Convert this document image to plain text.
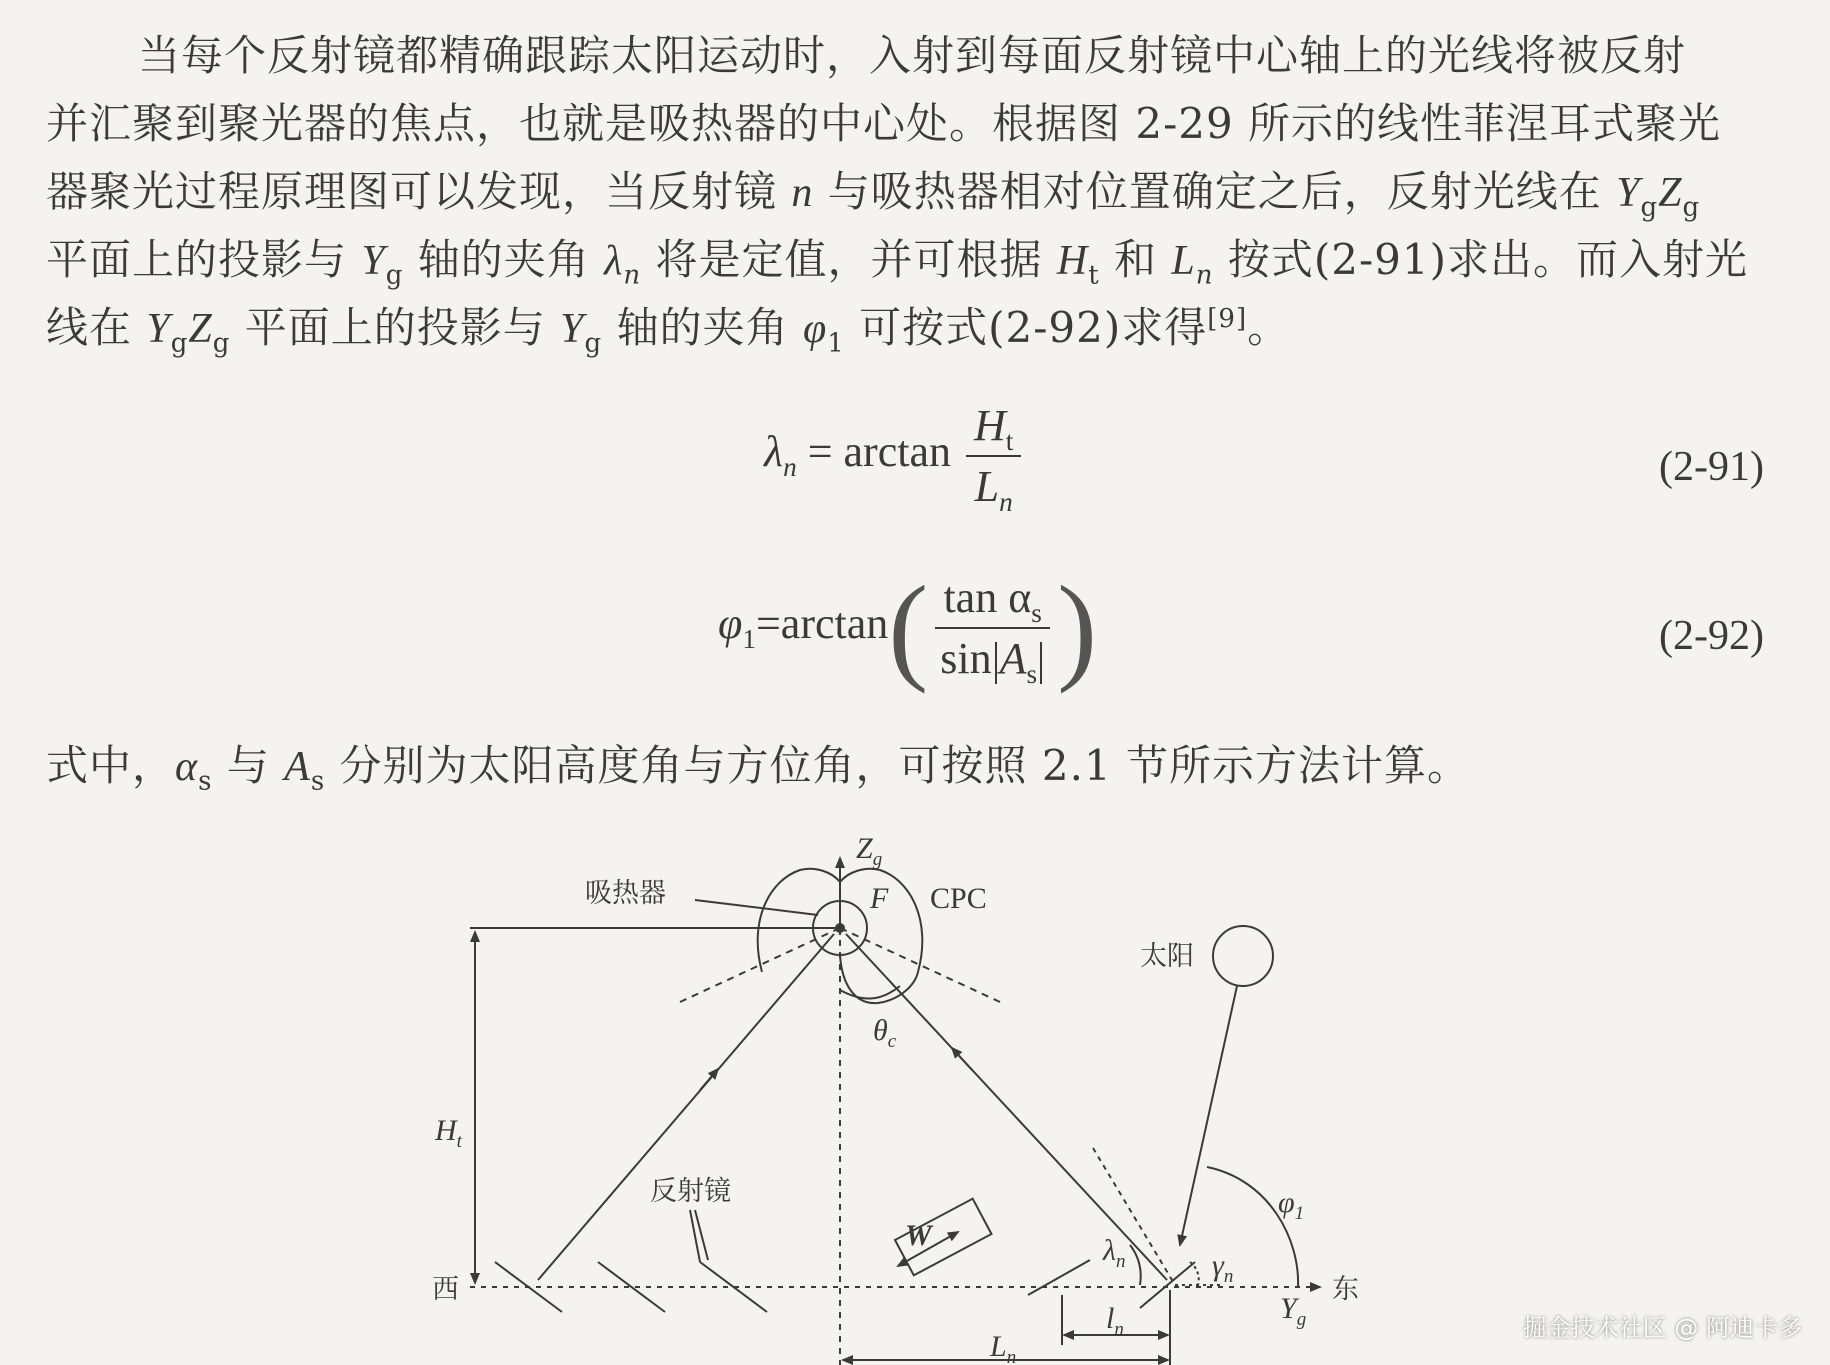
当每个反射镜都精确跟踪太阳运动时，入射到每面反射镜中心轴上的光线将被反射

并汇聚到聚光器的焦点，也就是吸热器的中心处。根据图 2-29 所示的线性菲涅耳式聚光

器聚光过程原理图可以发现，当反射镜 n 与吸热器相对位置确定之后，反射光线在 $Y_gZ_g$

平面上的投影与 $Y_g$ 轴的夹角 $\lambda_n$ 将是定值，并可根据 $H_t$ 和 $L_n$ 按式(2-91)求出。而入射光

线在 $Y_gZ_g$ 平面上的投影与 $Y_g$ 轴的夹角 $\varphi_1$ 可按式(2-92)求得[9]。

$\lambda_n = \arctan \frac{H_t}{L_n}$	(2-91)
$\varphi_1=\arctan( \frac{\tan \alpha_s}{\sin A_s}$ )	(2-92)

式中，$\alpha_s$ 与 $A_s$ 分别为太阳高度角与方位角，可按照 2.1 节所示方法计算。

$Z_g$
吸热器	F CPC
太阳
$\theta_c$
$H_t$
反射镜
W
$\varphi_1$
$\lambda_n$	$\gamma_n$
西	东
$Y_g$
$l_n$
$L_n$
掘金技术社区 @ 阿迪卡多
